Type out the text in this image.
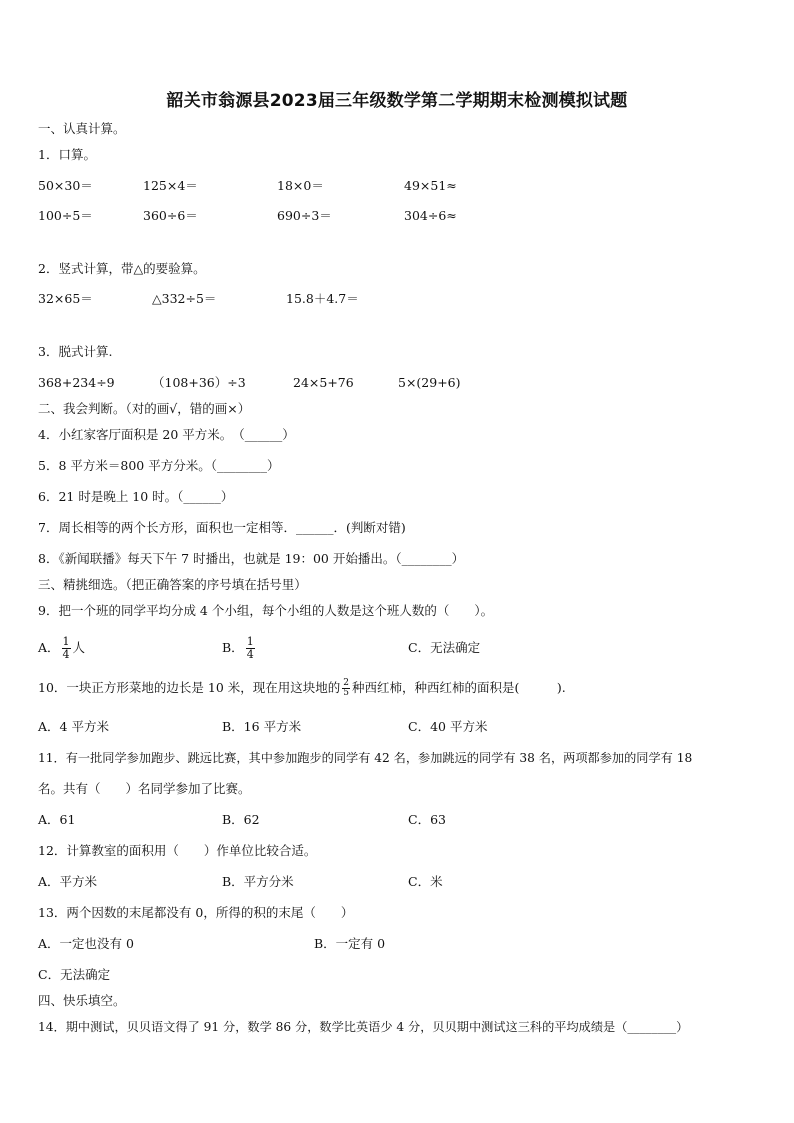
韶关市翁源县2023届三年级数学第二学期期末检测模拟试题
一、认真计算。
1．口算。
50×30＝	125×4＝	18×0＝	49×51≈
100÷5＝	360÷6＝	690÷3＝	304÷6≈
2．竖式计算，带△的要验算。
32×65＝	△332÷5＝	15.8＋4.7＝
3．脱式计算.
368+234÷9	（108+36）÷3	24×5+76	5×(29+6)
二、我会判断。（对的画√，错的画×）
4．小红家客厅面积是 20 平方米。　（______）
5．8 平方米＝800 平方分米。（________）
6．21 时是晚上 10 时。（______）
7．周长相等的两个长方形，面积也一定相等．______．(判断对错)
8．《新闻联播》每天下午 7 时播出，也就是 19：00 开始播出。（________）
三、精挑细选。（把正确答案的序号填在括号里）
9．把一个班的同学平均分成 4 个小组，每个小组的人数是这个班人数的（　　）。
A． $\frac{1}{4}$ 人	B． $\frac{1}{4}$	C．无法确定
10．一块正方形菜地的边长是 10 米，现在用这块地的 $\frac{2}{5}$ 种西红柿，种西红柿的面积是(　　　).
A．4 平方米	B．16 平方米	C．40 平方米
11．有一批同学参加跑步、跳远比赛，其中参加跑步的同学有 42 名，参加跳远的同学有 38 名，两项都参加的同学有 18
名。共有（　　）名同学参加了比赛。
A．61	B．62	C．63
12．计算教室的面积用（　　）作单位比较合适。
A．平方米	B．平方分米	C．米
13．两个因数的末尾都没有 0，所得的积的末尾（　　）
A．一定也没有 0	B．一定有 0
C．无法确定
四、快乐填空。
14．期中测试，贝贝语文得了 91 分，数学 86 分，数学比英语少 4 分，贝贝期中测试这三科的平均成绩是（________）
